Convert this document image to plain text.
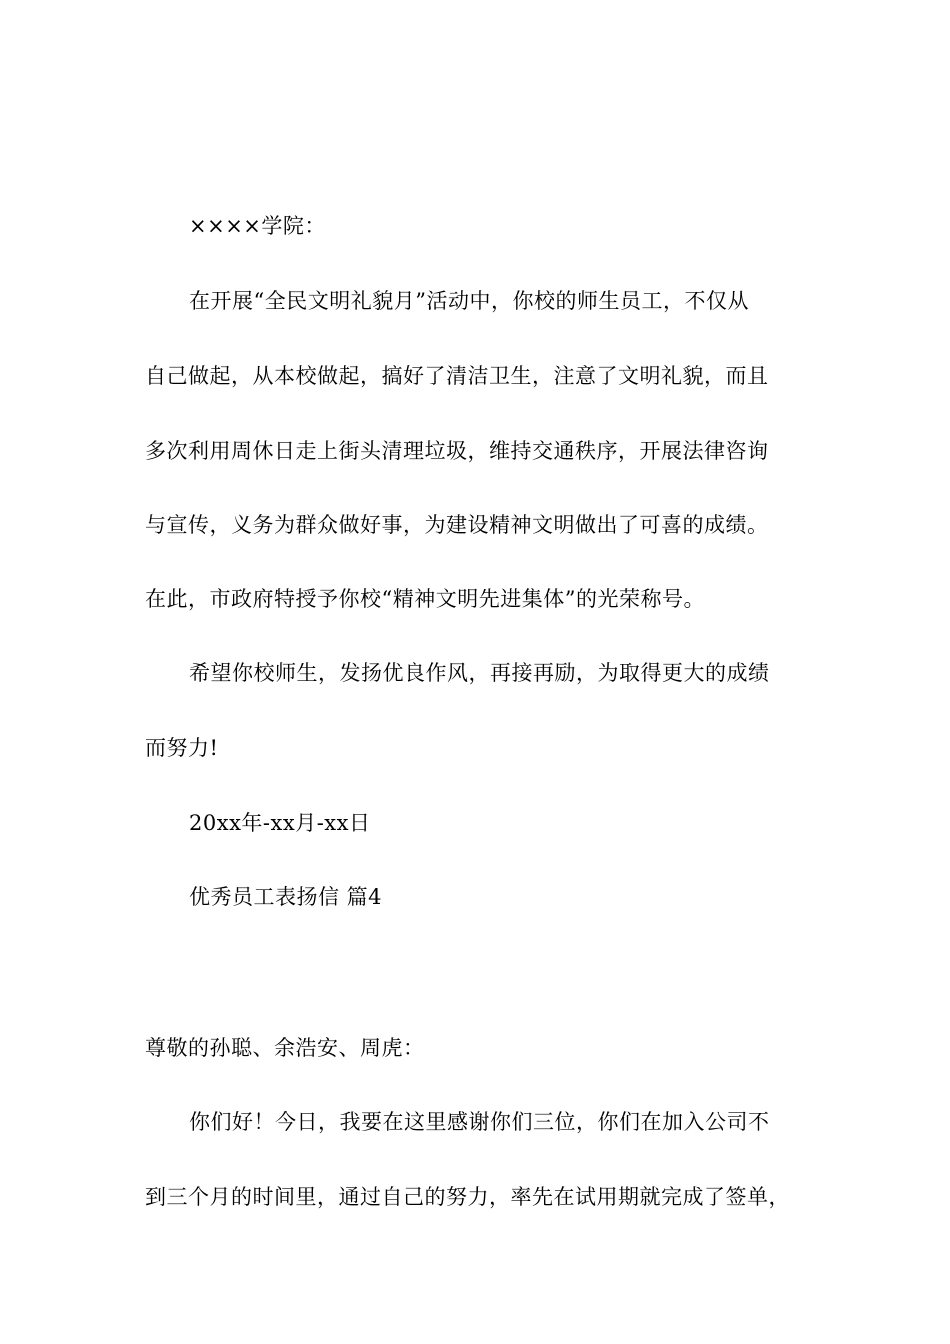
××××学院：
在开展“全民文明礼貌月”活动中，你校的师生员工，不仅从
自己做起，从本校做起，搞好了清洁卫生，注意了文明礼貌，而且
多次利用周休日走上街头清理垃圾，维持交通秩序，开展法律咨询
与宣传，义务为群众做好事，为建设精神文明做出了可喜的成绩。
在此，市政府特授予你校“精神文明先进集体”的光荣称号。
希望你校师生，发扬优良作风，再接再励，为取得更大的成绩
而努力!
20xx年-xx月-xx日
优秀员工表扬信 篇4
尊敬的孙聪、余浩安、周虎：
你们好！今日，我要在这里感谢你们三位，你们在加入公司不
到三个月的时间里，通过自己的努力，率先在试用期就完成了签单，
